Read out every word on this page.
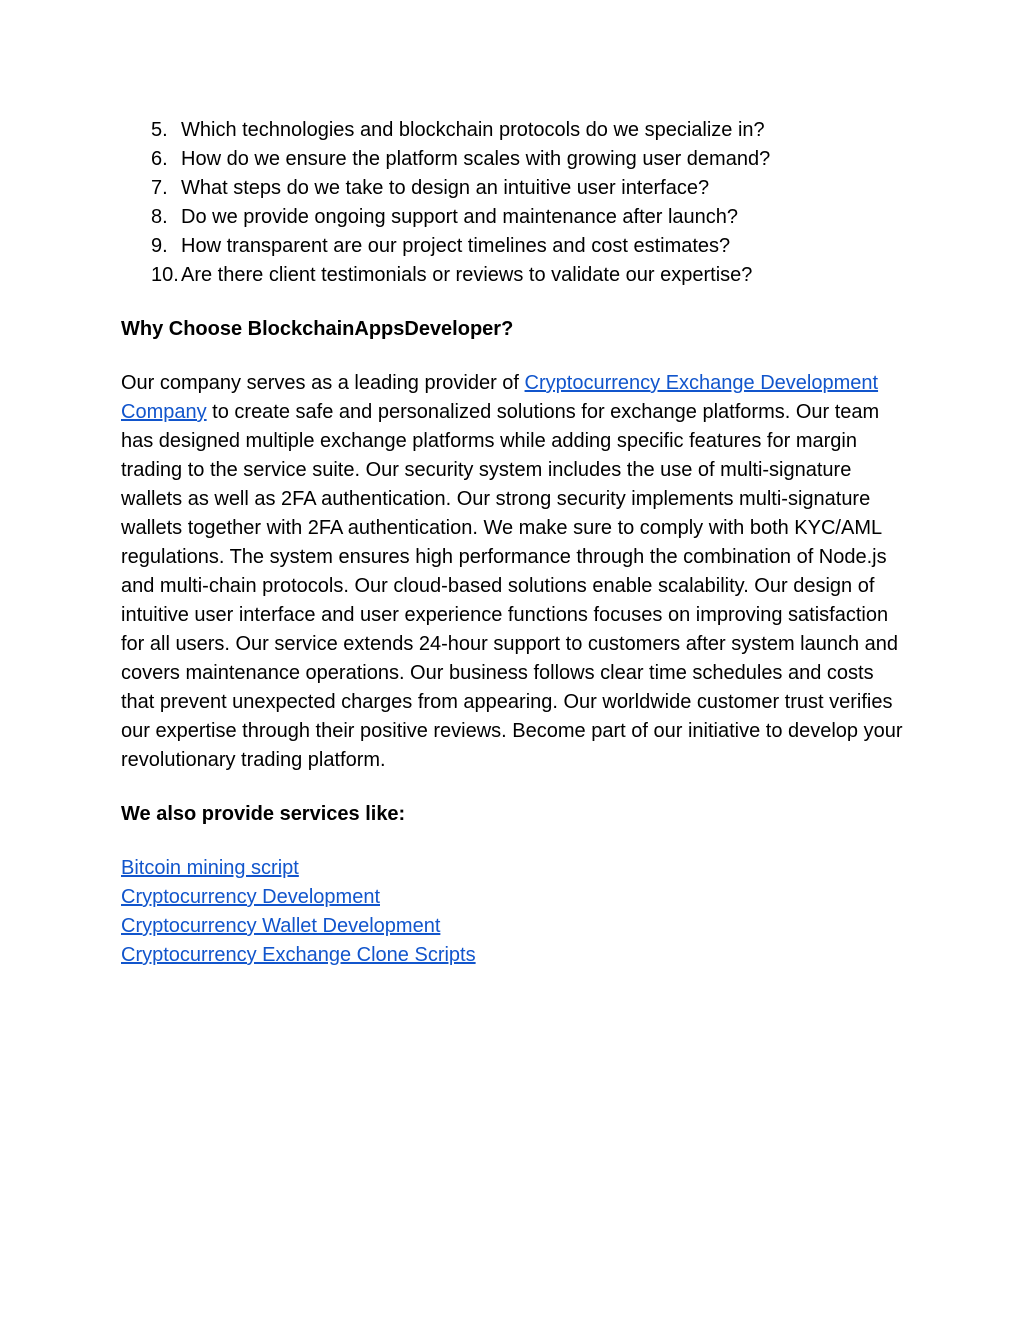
5. Which technologies and blockchain protocols do we specialize in?
6. How do we ensure the platform scales with growing user demand?
7. What steps do we take to design an intuitive user interface?
8. Do we provide ongoing support and maintenance after launch?
9. How transparent are our project timelines and cost estimates?
10. Are there client testimonials or reviews to validate our expertise?

Why Choose BlockchainAppsDeveloper?

Our company serves as a leading provider of Cryptocurrency Exchange Development Company to create safe and personalized solutions for exchange platforms. Our team has designed multiple exchange platforms while adding specific features for margin trading to the service suite. Our security system includes the use of multi-signature wallets as well as 2FA authentication. Our strong security implements multi-signature wallets together with 2FA authentication. We make sure to comply with both KYC/AML regulations. The system ensures high performance through the combination of Node.js and multi-chain protocols. Our cloud-based solutions enable scalability. Our design of intuitive user interface and user experience functions focuses on improving satisfaction for all users. Our service extends 24-hour support to customers after system launch and covers maintenance operations. Our business follows clear time schedules and costs that prevent unexpected charges from appearing. Our worldwide customer trust verifies our expertise through their positive reviews. Become part of our initiative to develop your revolutionary trading platform.

We also provide services like:

Bitcoin mining script
Cryptocurrency Development
Cryptocurrency Wallet Development
Cryptocurrency Exchange Clone Scripts
